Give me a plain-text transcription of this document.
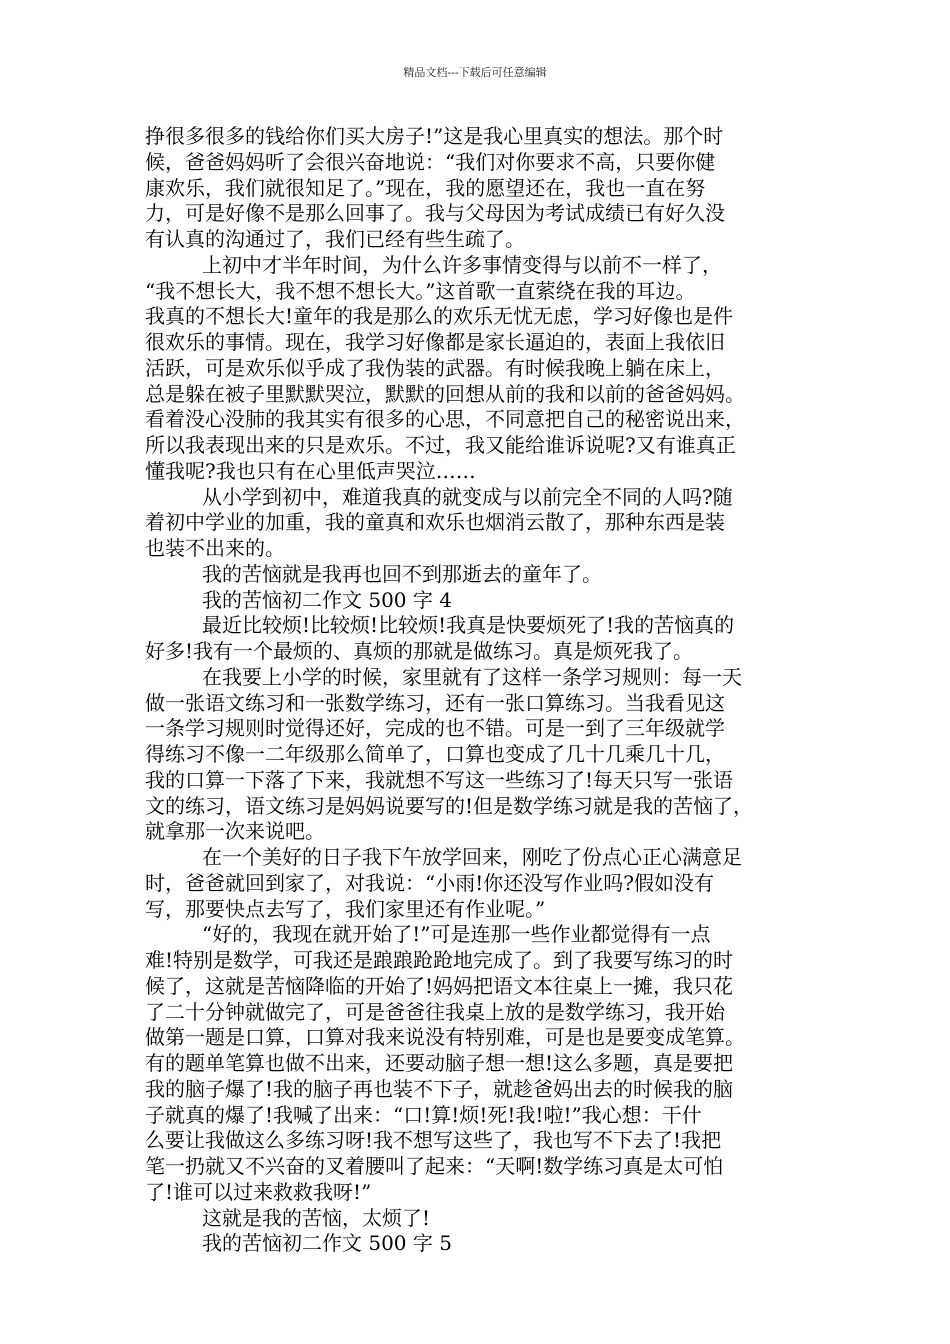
精品文档---下载后可任意编辑
挣很多很多的钱给你们买大房子!”这是我心里真实的想法。那个时
候，爸爸妈妈听了会很兴奋地说：“我们对你要求不高，只要你健
康欢乐，我们就很知足了。”现在，我的愿望还在，我也一直在努
力，可是好像不是那么回事了。我与父母因为考试成绩已有好久没
有认真的沟通过了，我们已经有些生疏了。
上初中才半年时间，为什么许多事情变得与以前不一样了，
“我不想长大，我不想不想长大。”这首歌一直萦绕在我的耳边。
我真的不想长大!童年的我是那么的欢乐无忧无虑，学习好像也是件
很欢乐的事情。现在，我学习好像都是家长逼迫的，表面上我依旧
活跃，可是欢乐似乎成了我伪装的武器。有时候我晚上躺在床上，
总是躲在被子里默默哭泣，默默的回想从前的我和以前的爸爸妈妈。
看着没心没肺的我其实有很多的心思，不同意把自己的秘密说出来，
所以我表现出来的只是欢乐。不过，我又能给谁诉说呢?又有谁真正
懂我呢?我也只有在心里低声哭泣……
从小学到初中，难道我真的就变成与以前完全不同的人吗?随
着初中学业的加重，我的童真和欢乐也烟消云散了，那种东西是装
也装不出来的。
我的苦恼就是我再也回不到那逝去的童年了。
我的苦恼初二作文 500 字 4
最近比较烦!比较烦!比较烦!我真是快要烦死了!我的苦恼真的
好多!我有一个最烦的、真烦的那就是做练习。真是烦死我了。
在我要上小学的时候，家里就有了这样一条学习规则：每一天
做一张语文练习和一张数学练习，还有一张口算练习。当我看见这
一条学习规则时觉得还好，完成的也不错。可是一到了三年级就学
得练习不像一二年级那么简单了，口算也变成了几十几乘几十几，
我的口算一下落了下来，我就想不写这一些练习了!每天只写一张语
文的练习，语文练习是妈妈说要写的!但是数学练习就是我的苦恼了，
就拿那一次来说吧。
在一个美好的日子我下午放学回来，刚吃了份点心正心满意足
时，爸爸就回到家了，对我说：“小雨!你还没写作业吗?假如没有
写，那要快点去写了，我们家里还有作业呢。”
“好的，我现在就开始了!”可是连那一些作业都觉得有一点
难!特别是数学，可我还是踉踉跄跄地完成了。到了我要写练习的时
候了，这就是苦恼降临的开始了!妈妈把语文本往桌上一摊，我只花
了二十分钟就做完了，可是爸爸往我桌上放的是数学练习，我开始
做第一题是口算，口算对我来说没有特别难，可是也是要变成笔算。
有的题单笔算也做不出来，还要动脑子想一想!这么多题，真是要把
我的脑子爆了!我的脑子再也装不下子，就趁爸妈出去的时候我的脑
子就真的爆了!我喊了出来：“口!算!烦!死!我!啦!”我心想：干什
么要让我做这么多练习呀!我不想写这些了，我也写不下去了!我把
笔一扔就又不兴奋的叉着腰叫了起来：“天啊!数学练习真是太可怕
了!谁可以过来救救我呀!”
这就是我的苦恼，太烦了!
我的苦恼初二作文 500 字 5
